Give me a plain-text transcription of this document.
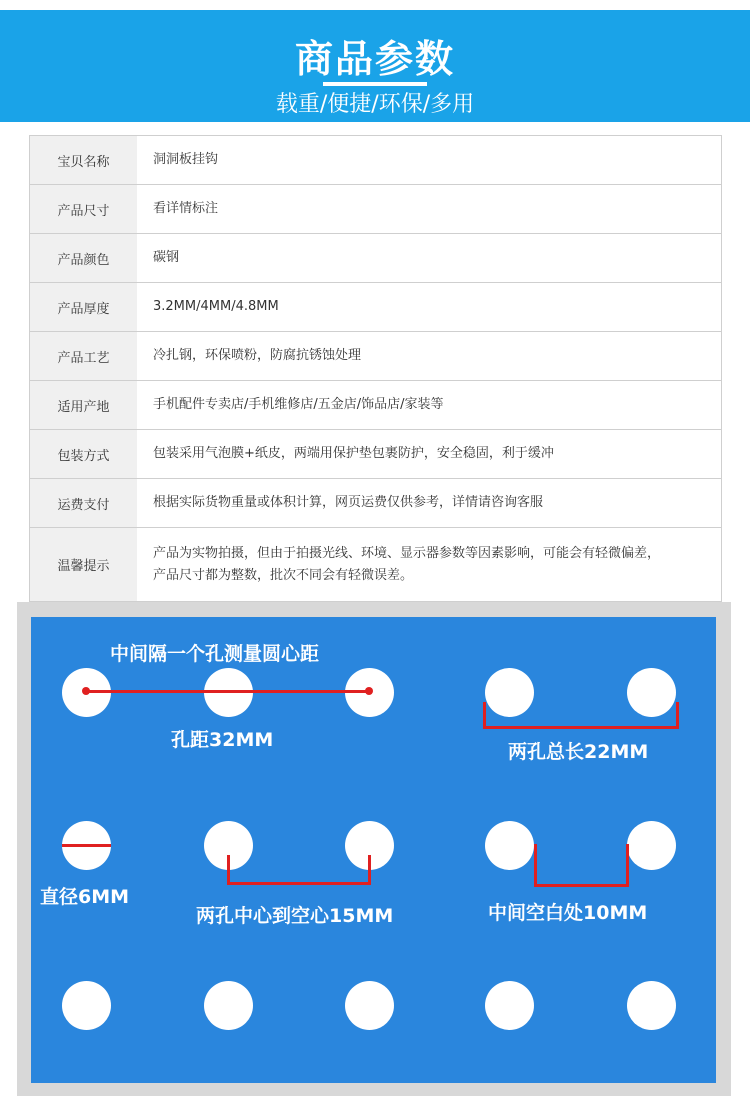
商品参数
载重/便捷/环保/多用
宝贝名称	洞洞板挂钩
产品尺寸	看详情标注
产品颜色	碳钢
产品厚度	3.2MM/4MM/4.8MM
产品工艺	冷扎钢，环保喷粉，防腐抗锈蚀处理
适用产地	手机配件专卖店/手机维修店/五金店/饰品店/家装等
包装方式	包装采用气泡膜+纸皮，两端用保护垫包裹防护，安全稳固，利于缓冲
运费支付	根据实际货物重量或体积计算，网页运费仅供参考，详情请咨询客服
温馨提示
产品为实物拍摄，但由于拍摄光线、环境、显示器参数等因素影响，可能会有轻微偏差，
产品尺寸都为整数，批次不同会有轻微误差。
中间隔一个孔测量圆心距
孔距32MM
两孔总长22MM
直径6MM
两孔中心到空心15MM	中间空白处10MM
